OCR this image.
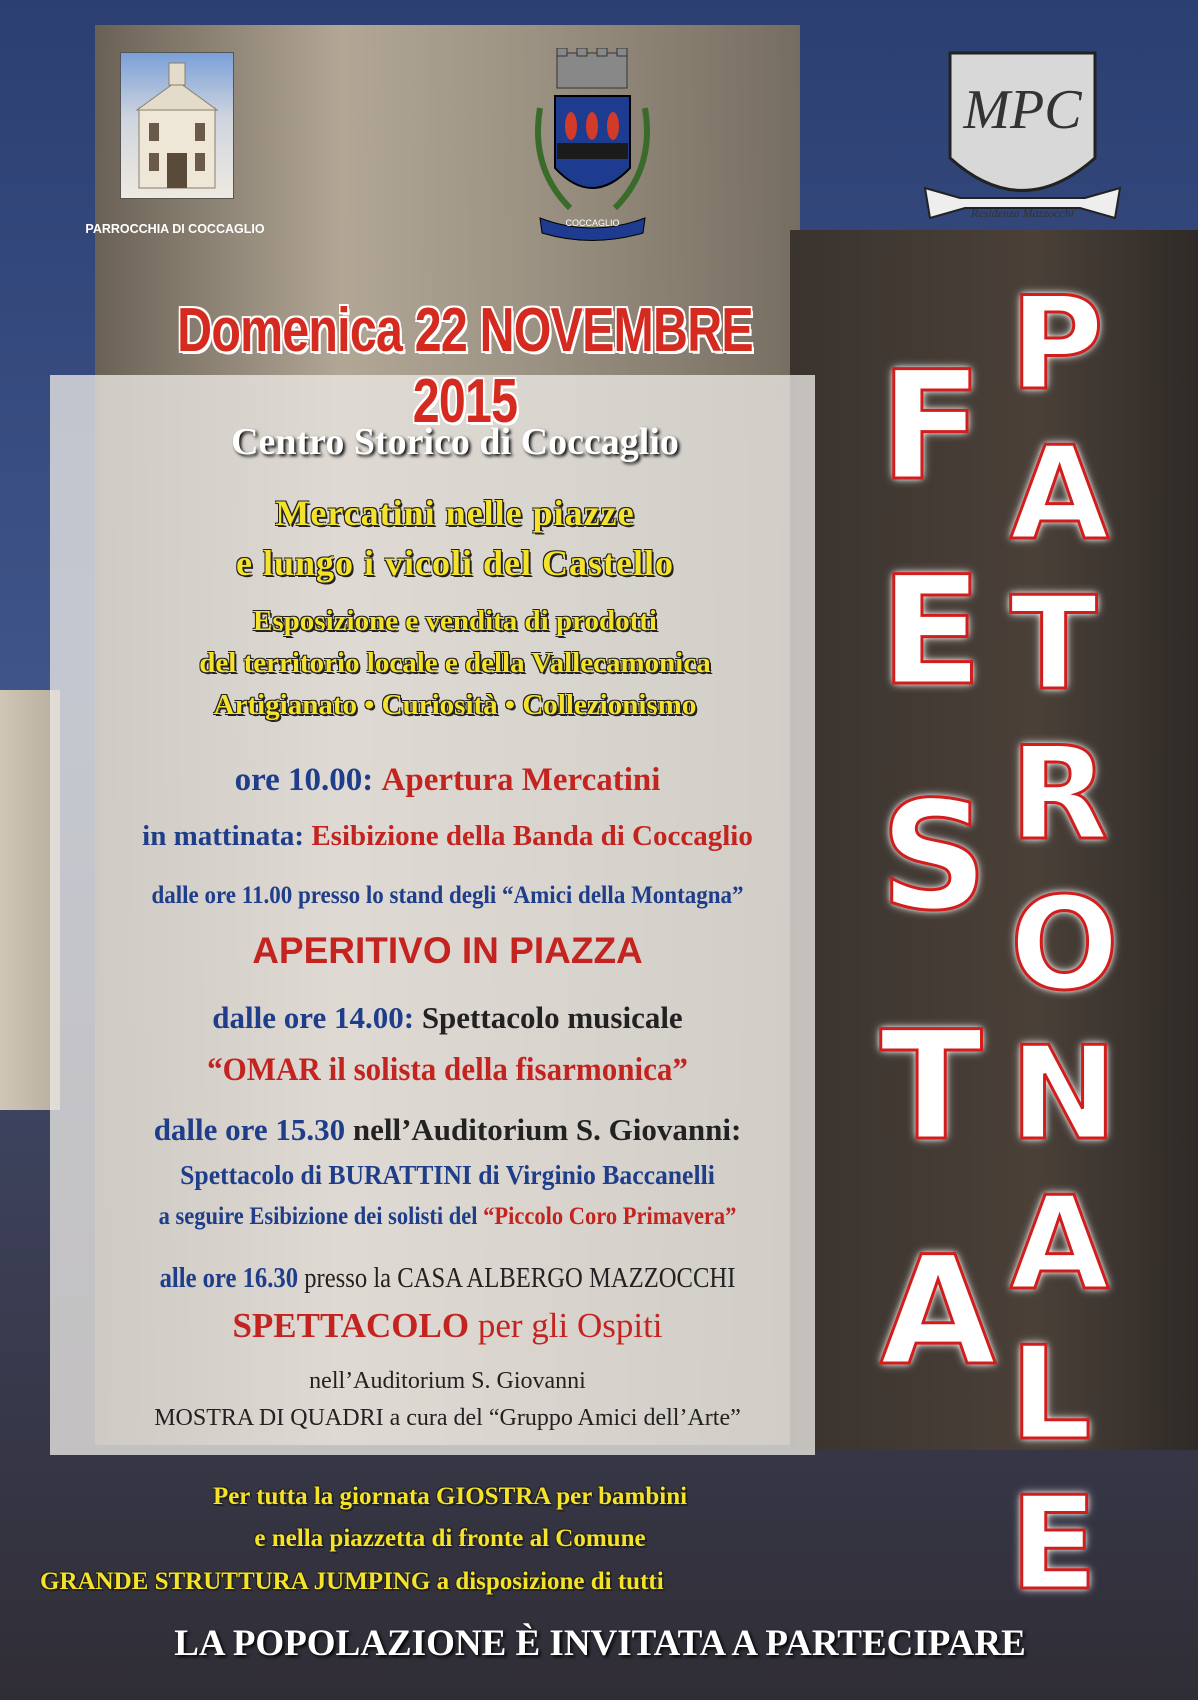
PARROCCHIA DI COCCAGLIO	COCCAGLIO
MPC
Residenza Mazzocchi
Domenica 22 NOVEMBRE 2015
Centro Storico di Coccaglio
Mercatini nelle piazze
e lungo i vicoli del Castello
Esposizione e vendita di prodotti
del territorio locale e della Vallecamonica
Artigianato • Curiosità • Collezionismo
ore 10.00: Apertura Mercatini
in mattinata: Esibizione della Banda di Coccaglio
dalle ore 11.00 presso lo stand degli “Amici della Montagna”
APERITIVO IN PIAZZA
dalle ore 14.00: Spettacolo musicale
“OMAR il solista della fisarmonica”
dalle ore 15.30 nell’Auditorium S. Giovanni:
Spettacolo di BURATTINI di Virginio Baccanelli
a seguire Esibizione dei solisti del “Piccolo Coro Primavera”
alle ore 16.30 presso la CASA ALBERGO MAZZOCCHI
SPETTACOLO per gli Ospiti
nell’Auditorium S. Giovanni
MOSTRA DI QUADRI a cura del “Gruppo Amici dell’Arte”
Per tutta la giornata GIOSTRA per bambini
e nella piazzetta di fronte al Comune
GRANDE STRUTTURA JUMPING a disposizione di tutti
LA POPOLAZIONE È INVITATA A PARTECIPARE
F
E
S
T
A
P
A
T
R
O
N
A
L
E
